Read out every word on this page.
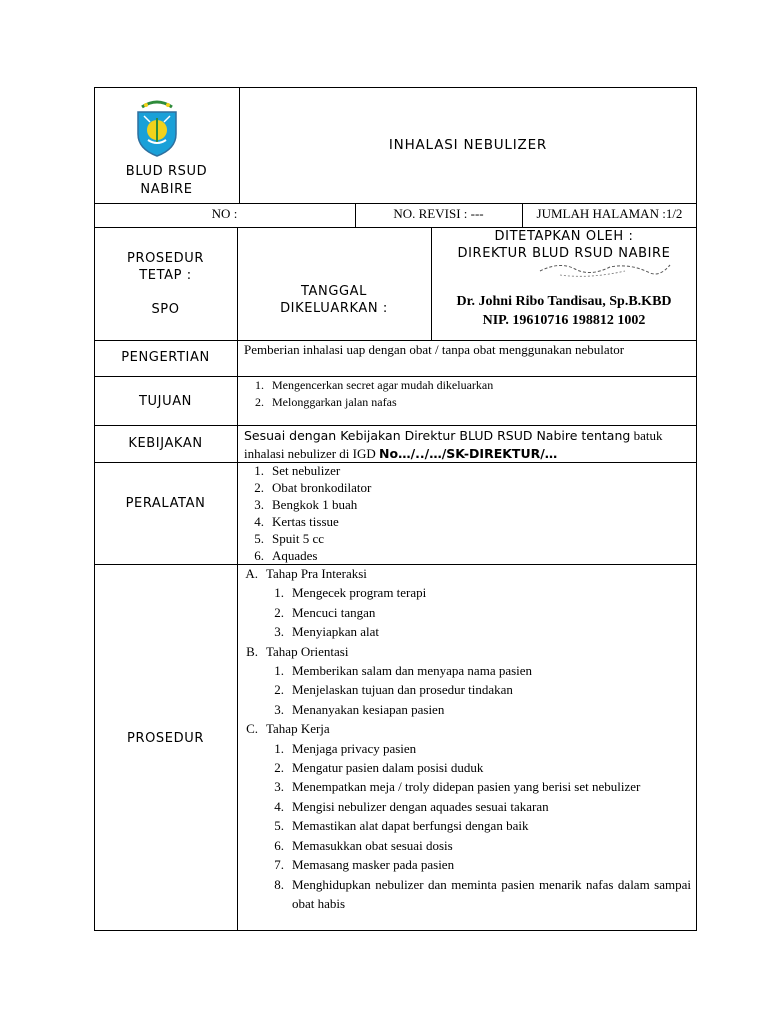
BLUD RSUD
NABIRE
INHALASI NEBULIZER
NO :	NO. REVISI : ---	JUMLAH HALAMAN :1/2
PROSEDUR
TETAP :
SPO
TANGGAL
DIKELUARKAN :
DITETAPKAN OLEH :
DIREKTUR BLUD RSUD NABIRE
Dr. Johni Ribo Tandisau, Sp.B.KBD
NIP. 19610716 198812 1002
PENGERTIAN
Pemberian inhalasi uap dengan obat / tanpa obat menggunakan nebulator
TUJUAN
1. Mengencerkan secret agar mudah dikeluarkan
2. Melonggarkan jalan nafas
KEBIJAKAN
Sesuai dengan Kebijakan Direktur BLUD RSUD Nabire tentang batuk
inhalasi nebulizer di IGD No…/../…/SK-DIREKTUR/…
PERALATAN
1. Set nebulizer
2. Obat bronkodilator
3. Bengkok 1 buah
4. Kertas tissue
5. Spuit 5 cc
6. Aquades
PROSEDUR
A. Tahap Pra Interaksi
1. Mengecek program terapi
2. Mencuci tangan
3. Menyiapkan alat
B. Tahap Orientasi
1. Memberikan salam dan menyapa nama pasien
2. Menjelaskan tujuan dan prosedur tindakan
3. Menanyakan kesiapan pasien
C. Tahap Kerja
1. Menjaga privacy pasien
2. Mengatur pasien dalam posisi duduk
3. Menempatkan meja / troly didepan pasien yang berisi set nebulizer
4. Mengisi nebulizer dengan aquades sesuai takaran
5. Memastikan alat dapat berfungsi dengan baik
6. Memasukkan obat sesuai dosis
7. Memasang masker pada pasien
8. Menghidupkan nebulizer dan meminta pasien menarik nafas dalam sampai obat habis
